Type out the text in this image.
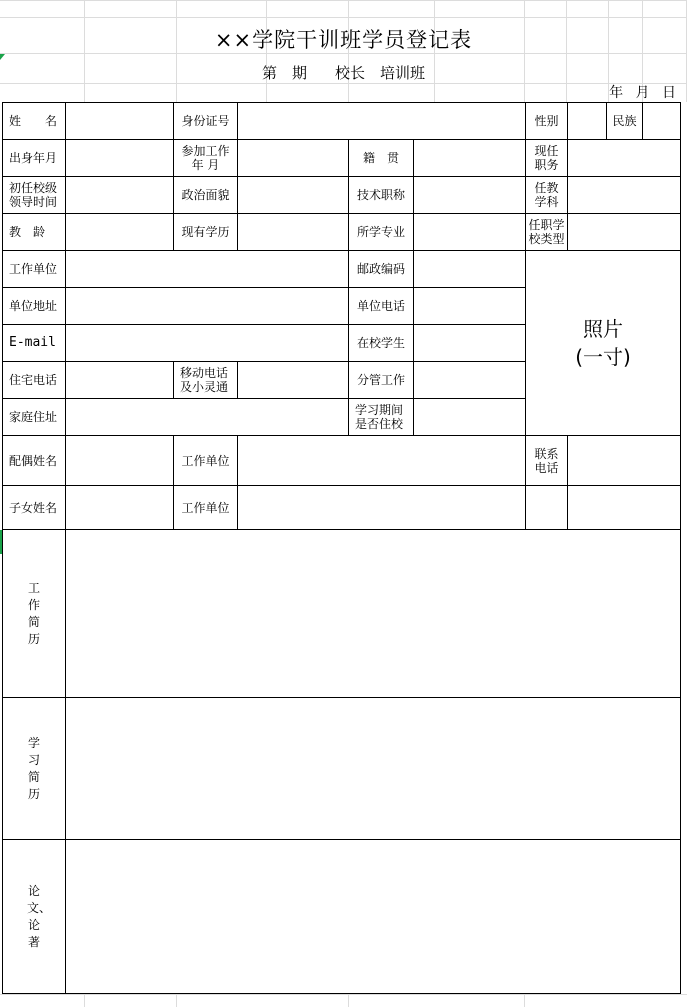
××学院干训班学员登记表
第　期 校长　培训班
年 月 日
姓　　名	身份证号	性别	民族
出身年月	参加工作年 月	籍　贯	现任职务
初任校级领导时间	政治面貌	技术职称	任教学科
教　龄	现有学历	所学专业	任职学校类型
工作单位	邮政编码
照片
(一寸)
单位地址	单位电话
E-mail	在校学生
住宅电话	移动电话及小灵通	分管工作
家庭住址	学习期间是否住校
配偶姓名	工作单位	联系电话
子女姓名	工作单位
工作简历
学习简历
论文、论著
